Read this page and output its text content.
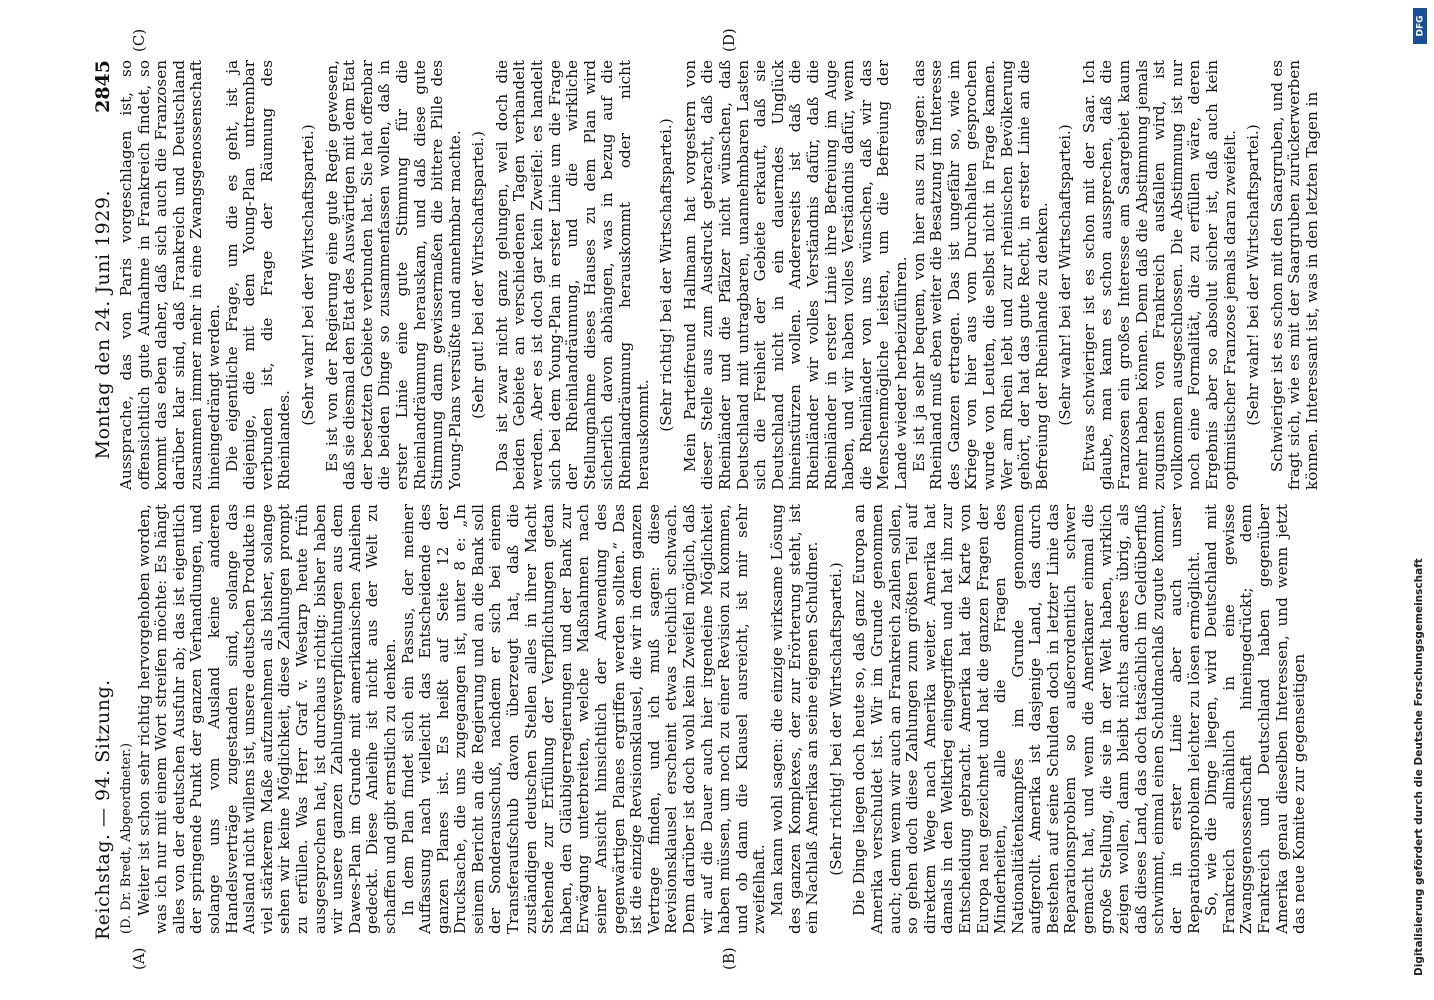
Reichstag. — 94. Sitzung.
Montag den 24. Juni 1929.
2845
(A)	(B)
(C)	(D)

(D. Dr. Bredt, Abgeordneter.) Weiter ist schon sehr richtig hervorgehoben worden, was ich nur mit einem Wort streifen möchte: Es hängt alles von der deutschen Ausfuhr ab; das ist eigentlich der springende Punkt der ganzen Verhandlungen, und solange uns vom Ausland keine anderen Handelsverträge zugestanden sind, solange das Ausland nicht willens ist, unsere deutschen Produkte in viel stärkerem Maße aufzunehmen als bisher, solange sehen wir keine Möglichkeit, diese Zahlungen prompt zu erfüllen. Was Herr Graf v. Westarp heute früh ausgesprochen hat, ist durchaus richtig: bisher haben wir unsere ganzen Zahlungsverpflichtungen aus dem Dawes-Plan im Grunde mit amerikanischen Anleihen gedeckt. Diese Anleihe ist nicht aus der Welt zu schaffen und gibt ernstlich zu denken. In dem Plan findet sich ein Passus, der meiner Auffassung nach vielleicht das Entscheidende des ganzen Planes ist. Es heißt auf Seite 12 der Drucksache, die uns zugegangen ist, unter 8 e: „In seinem Bericht an die Regierung und an die Bank soll der Sonderausschuß, nachdem er sich bei einem Transferaufschub davon überzeugt hat, daß die zuständigen deutschen Stellen alles in ihrer Macht Stehende zur Erfüllung der Verpflichtungen getan haben, den Gläubigerregierungen und der Bank zur Erwägung unterbreiten, welche Maßnahmen nach seiner Ansicht hinsichtlich der Anwendung des gegenwärtigen Planes ergriffen werden sollten.“ Das ist die einzige Revisionsklausel, die wir in dem ganzen Vertrage finden, und ich muß sagen: diese Revisionsklausel erscheint etwas reichlich schwach. Denn darüber ist doch wohl kein Zweifel möglich, daß wir auf die Dauer auch hier irgendeine Möglichkeit haben müssen, um noch zu einer Revision zu kommen, und ob dann die Klausel ausreicht, ist mir sehr zweifelhaft. Man kann wohl sagen: die einzige wirksame Lösung des ganzen Komplexes, der zur Erörterung steht, ist ein Nachlaß Amerikas an seine eigenen Schuldner. (Sehr richtig! bei der Wirtschaftspartei.) Die Dinge liegen doch heute so, daß ganz Europa an Amerika verschuldet ist. Wir im Grunde genommen auch; denn wenn wir auch an Frankreich zahlen sollen, so gehen doch diese Zahlungen zum größten Teil auf direktem Wege nach Amerika weiter. Amerika hat damals in den Weltkrieg eingegriffen und hat ihn zur Entscheidung gebracht. Amerika hat die Karte von Europa neu gezeichnet und hat die ganzen Fragen der Minderheiten, alle die Fragen des Nationalitätenkampfes im Grunde genommen aufgerollt. Amerika ist dasjenige Land, das durch Bestehen auf seine Schulden doch in letzter Linie das Reparationsproblem so außerordentlich schwer gemacht hat, und wenn die Amerikaner einmal die große Stellung, die sie in der Welt haben, wirklich zeigen wollen, dann bleibt nichts anderes übrig, als daß dieses Land, das doch tatsächlich im Geldüberfluß schwimmt, einmal einen Schuldnachlaß zugute kommt, der in erster Linie aber auch unser Reparationsproblem leichter zu lösen ermöglicht. So, wie die Dinge liegen, wird Deutschland mit Frankreich allmählich in eine gewisse Zwangsgenossenschaft hineingedrückt; denn Frankreich und Deutschland haben gegenüber Amerika genau dieselben Interessen, und wenn jetzt das neue Komitee zur gegenseitigen

Aussprache, das von Paris vorgeschlagen ist, so offensichtlich gute Aufnahme in Frankreich findet, so kommt das eben daher, daß sich auch die Franzosen darüber klar sind, daß Frankreich und Deutschland zusammen immer mehr in eine Zwangsgenossenschaft hineingedrängt werden. Die eigentliche Frage, um die es geht, ist ja diejenige, die mit dem Young-Plan untrennbar verbunden ist, die Frage der Räumung des Rheinlandes.

(Sehr wahr! bei der Wirtschaftspartei.) Es ist von der Regierung eine gute Regie gewesen, daß sie diesmal den Etat des Auswärtigen mit dem Etat der besetzten Gebiete verbunden hat. Sie hat offenbar die beiden Dinge so zusammenfassen wollen, daß in erster Linie eine gute Stimmung für die Rheinlandräumung herauskam, und daß diese gute Stimmung dann gewissermaßen die bittere Pille des Young-Plans versüßte und annehmbar machte. (Sehr gut! bei der Wirtschaftspartei.) Das ist zwar nicht ganz gelungen, weil doch die beiden Gebiete an verschiedenen Tagen verhandelt werden. Aber es ist doch gar kein Zweifel: es handelt sich bei dem Young-Plan in erster Linie um die Frage der Rheinlandräumung, und die wirkliche Stellungnahme dieses Hauses zu dem Plan wird sicherlich davon abhängen, was in bezug auf die Rheinlandräumung herauskommt oder nicht herauskommt.

(Sehr richtig! bei der Wirtschaftspartei.) Mein Parteifreund Hallmann hat vorgestern von dieser Stelle aus zum Ausdruck gebracht, daß die Rheinländer und die Pfälzer nicht wünschen, daß Deutschland mit untragbaren, unannehmbaren Lasten sich die Freiheit der Gebiete erkauft, daß sie Deutschland nicht in ein dauerndes Unglück hineinstürzen wollen. Andererseits ist daß die Rheinländer wir volles Verständnis dafür, daß die Rheinländer in erster Linie ihre Befreiung im Auge haben, und wir haben volles Verständnis dafür, wenn die Rheinländer von uns wünschen, daß wir das Menschenmögliche leisten, um die Befreiung der Lande wieder herbeizuführen. Es ist ja sehr bequem, von hier aus zu sagen: das Rheinland muß eben weiter die Besatzung im Interesse des Ganzen ertragen. Das ist ungefähr so, wie im Kriege von hier aus vom Durchhalten gesprochen wurde von Leuten, die selbst nicht in Frage kamen. Wer am Rhein lebt und zur rheinischen Bevölkerung gehört, der hat das gute Recht, in erster Linie an die Befreiung der Rheinlande zu denken. (Sehr wahr! bei der Wirtschaftspartei.) Etwas schwieriger ist es schon mit der Saar. Ich glaube, man kann es schon aussprechen, daß die Franzosen ein großes Interesse am Saargebiet kaum mehr haben können. Denn daß die Abstimmung jemals zugunsten von Frankreich ausfallen wird, ist vollkommen ausgeschlossen. Die Abstimmung ist nur noch eine Formalität, die zu erfüllen wäre, deren Ergebnis aber so absolut sicher ist, daß auch kein optimistischer Franzose jemals daran zweifelt. (Sehr wahr! bei der Wirtschaftspartei.) Schwieriger ist es schon mit den Saargruben, und es fragt sich, wie es mit der Saargruben zurückerwerben können. Interessant ist, was in den letzten Tagen in

Digitalisierung gefördert durch die Deutsche Forschungsgemeinschaft
DFG
